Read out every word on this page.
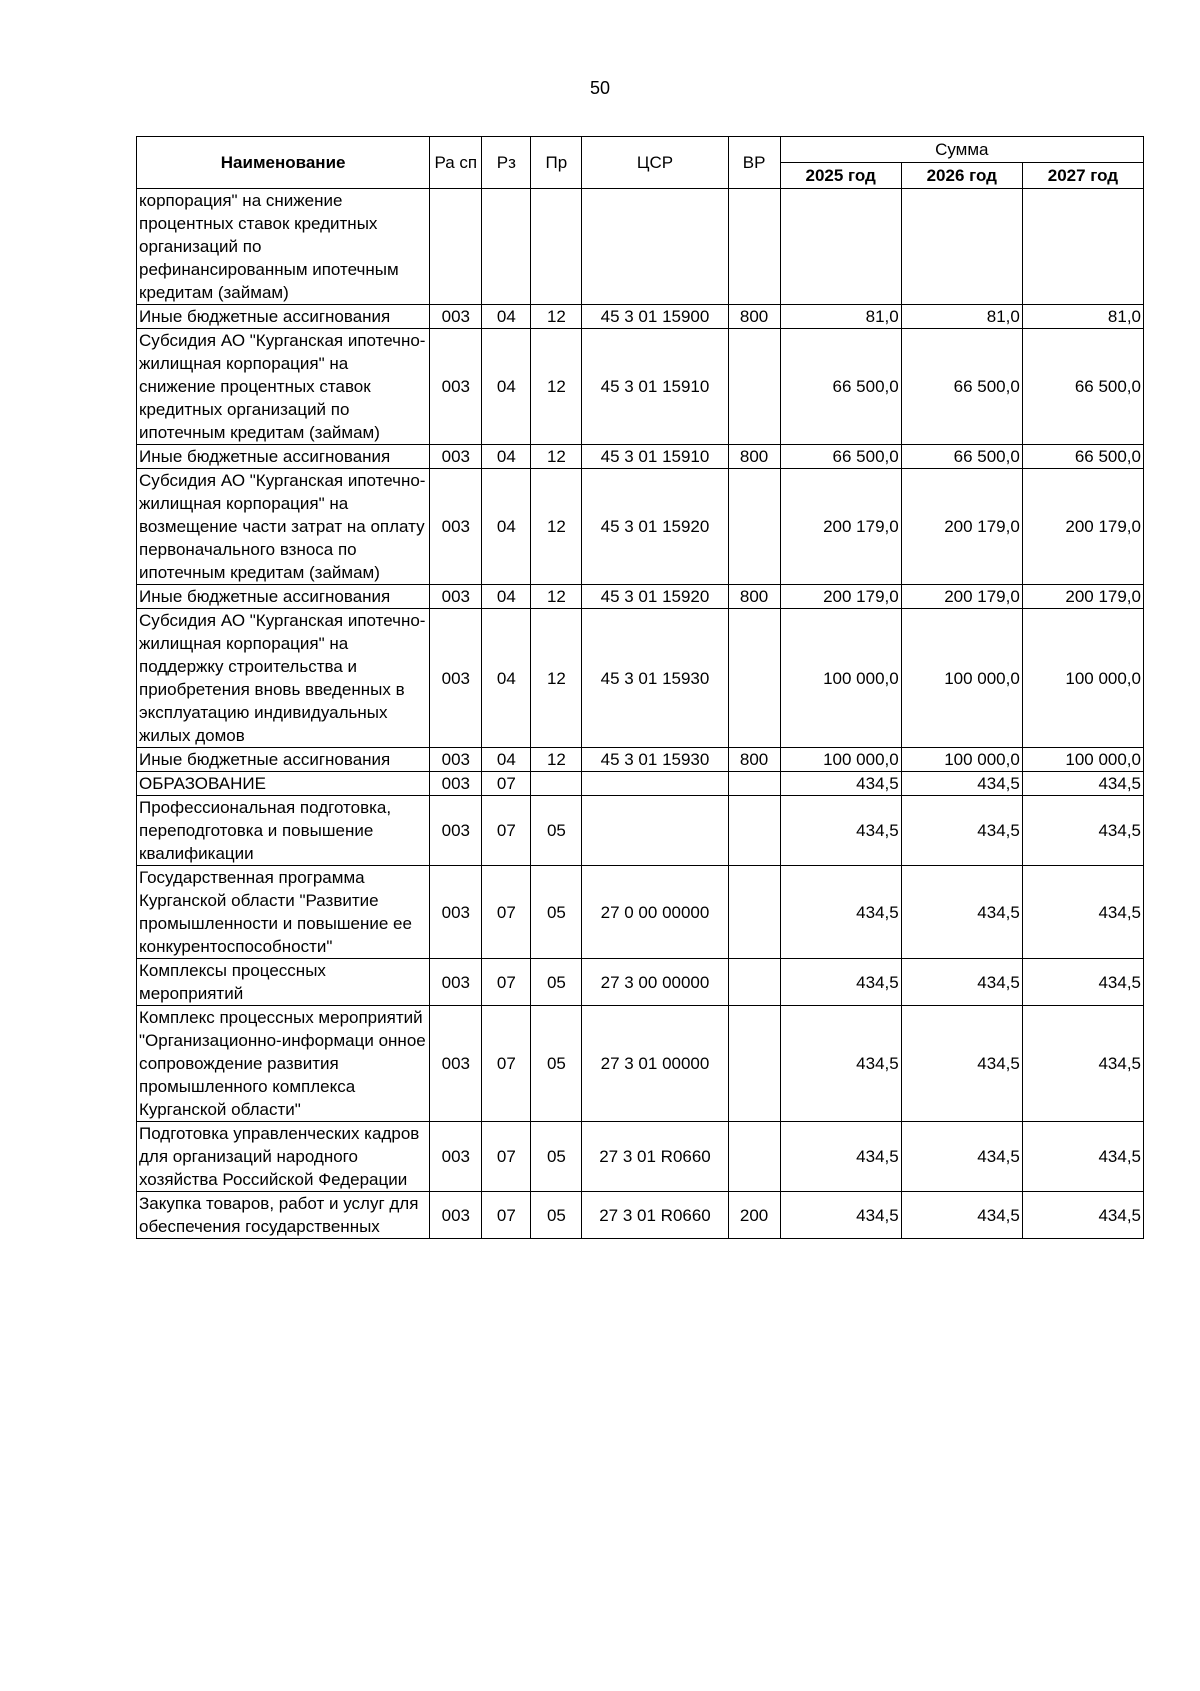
50
Наименование	Ра сп	Рз	Пр	ЦСР	ВР	Сумма		
						2025 год	2026 год	2027 год
корпорация" на снижение процентных ставок кредитных организаций по рефинансированным ипотечным кредитам (займам)								
Иные бюджетные ассигнования	003	04	12	45 3 01 15900	800	81,0	81,0	81,0
Субсидия АО "Курганская ипотечно-жилищная корпорация" на снижение процентных ставок кредитных организаций по ипотечным кредитам (займам)	003	04	12	45 3 01 15910		66 500,0	66 500,0	66 500,0
Иные бюджетные ассигнования	003	04	12	45 3 01 15910	800	66 500,0	66 500,0	66 500,0
Субсидия АО "Курганская ипотечно-жилищная корпорация" на возмещение части затрат на оплату первоначального взноса по ипотечным кредитам (займам)	003	04	12	45 3 01 15920		200 179,0	200 179,0	200 179,0
Иные бюджетные ассигнования	003	04	12	45 3 01 15920	800	200 179,0	200 179,0	200 179,0
Субсидия АО "Курганская ипотечно-жилищная корпорация" на поддержку строительства и приобретения вновь введенных в эксплуатацию индивидуальных жилых домов	003	04	12	45 3 01 15930		100 000,0	100 000,0	100 000,0
Иные бюджетные ассигнования	003	04	12	45 3 01 15930	800	100 000,0	100 000,0	100 000,0
ОБРАЗОВАНИЕ	003	07				434,5	434,5	434,5
Профессиональная подготовка, переподготовка и повышение квалификации	003	07	05			434,5	434,5	434,5
Государственная программа Курганской области "Развитие промышленности и повышение ее конкурентоспособности"	003	07	05	27 0 00 00000		434,5	434,5	434,5
Комплексы процессных мероприятий	003	07	05	27 3 00 00000		434,5	434,5	434,5
Комплекс процессных мероприятий "Организационно-информаци онное сопровождение развития промышленного комплекса Курганской области"	003	07	05	27 3 01 00000		434,5	434,5	434,5
Подготовка управленческих кадров для организаций народного хозяйства Российской Федерации	003	07	05	27 3 01 R0660		434,5	434,5	434,5
Закупка товаров, работ и услуг для обеспечения государственных	003	07	05	27 3 01 R0660	200	434,5	434,5	434,5
